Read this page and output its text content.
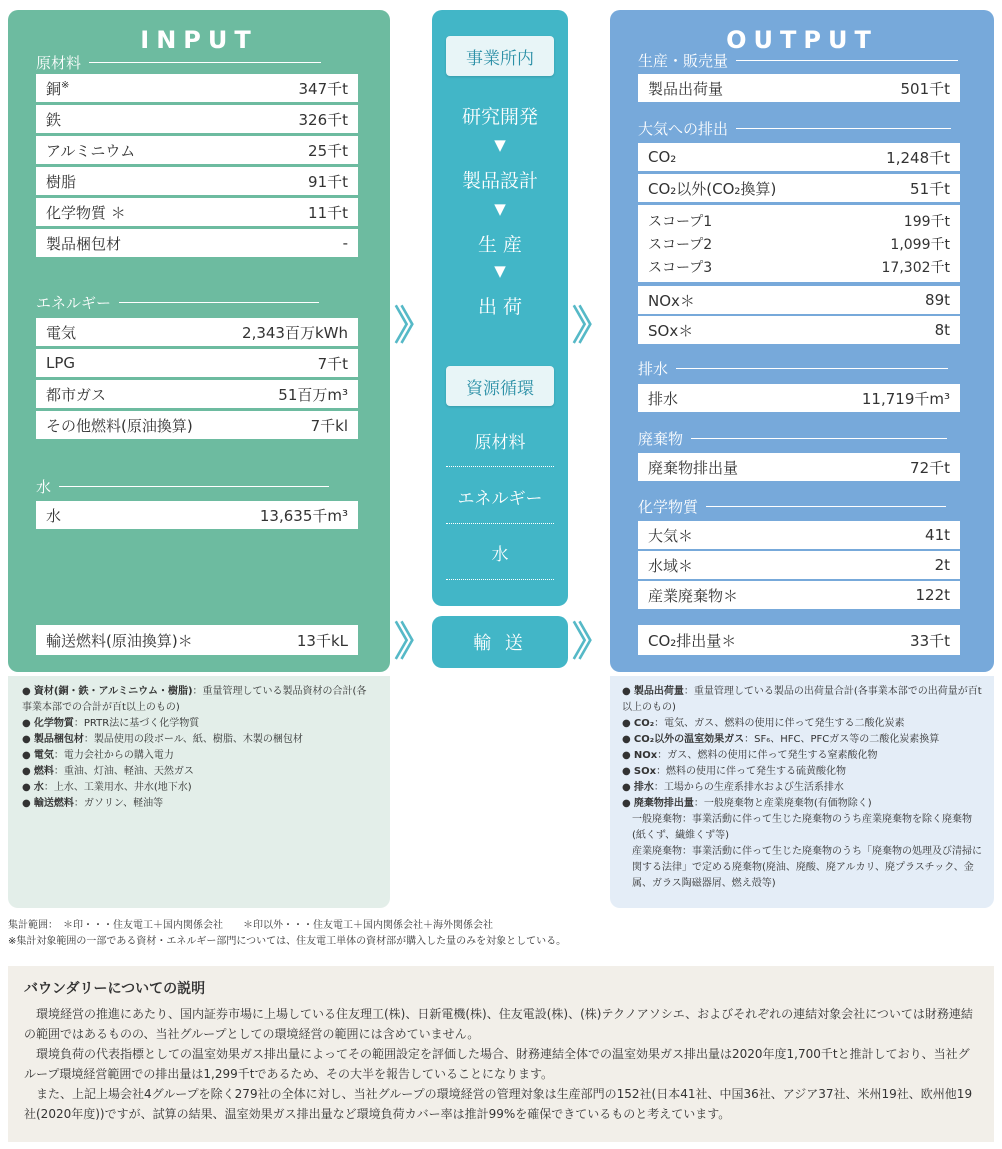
INPUT
原材料
銅※	347千t
鉄	326千t
アルミニウム	25千t
樹脂	91千t
化学物質 ＊	11千t
製品梱包材	-
エネルギー
電気	2,343百万kWh
LPG	7千t
都市ガス	51百万m³
その他燃料(原油換算)	7千kl
水
水	13,635千m³
輸送燃料(原油換算)＊	13千kL
● 資材(銅・鉄・アルミニウム・樹脂)：重量管理している製品資材の合計(各事業本部での合計が百t以上のもの)
● 化学物質：PRTR法に基づく化学物質
● 製品梱包材：製品使用の段ボール、紙、樹脂、木製の梱包材
● 電気：電力会社からの購入電力
● 燃料：重油、灯油、軽油、天然ガス
● 水：上水、工業用水、井水(地下水)
● 輸送燃料：ガソリン、軽油等
》	》
》	》
事業所内
研究開発
▼
製品設計
▼
生 産
▼
出 荷
資源循環
原材料
エネルギー
水
輸 送
OUTPUT
生産・販売量
製品出荷量	501千t
大気への排出
CO₂	1,248千t
CO₂以外(CO₂換算)	51千t
スコープ1	199千t
スコープ2	1,099千t
スコープ3	17,302千t
NOx＊	89t
SOx＊	8t
排水
排水	11,719千m³
廃棄物
廃棄物排出量	72千t
化学物質
大気＊	41t
水域＊	2t
産業廃棄物＊	122t
CO₂排出量＊	33千t
● 製品出荷量：重量管理している製品の出荷量合計(各事業本部での出荷量が百t以上のもの)
● CO₂：電気、ガス、燃料の使用に伴って発生する二酸化炭素
● CO₂以外の温室効果ガス：SF₆、HFC、PFCガス等の二酸化炭素換算
● NOx：ガス、燃料の使用に伴って発生する窒素酸化物
● SOx：燃料の使用に伴って発生する硫黄酸化物
● 排水：工場からの生産系排水および生活系排水
● 廃棄物排出量：一般廃棄物と産業廃棄物(有価物除く)
一般廃棄物：事業活動に伴って生じた廃棄物のうち産業廃棄物を除く廃棄物(紙くず、繊維くず等)
産業廃棄物：事業活動に伴って生じた廃棄物のうち「廃棄物の処理及び清掃に関する法律」で定める廃棄物(廃油、廃酸、廃アルカリ、廃プラスチック、金属、ガラス陶磁器屑、燃え殻等)
集計範囲：　＊印・・・住友電工＋国内関係会社　　＊印以外・・・住友電工＋国内関係会社＋海外関係会社
※集計対象範囲の一部である資材・エネルギー部門については、住友電工単体の資材部が購入した量のみを対象としている。
バウンダリーについての説明

環境経営の推進にあたり、国内証券市場に上場している住友理工(株)、日新電機(株)、住友電設(株)、(株)テクノアソシエ、およびそれぞれの連結対象会社については財務連結の範囲ではあるものの、当社グループとしての環境経営の範囲には含めていません。

環境負荷の代表指標としての温室効果ガス排出量によってその範囲設定を評価した場合、財務連結全体での温室効果ガス排出量は2020年度1,700千tと推計しており、当社グループ環境経営範囲での排出量は1,299千tであるため、その大半を報告していることになります。

また、上記上場会社4グループを除く279社の全体に対し、当社グループの環境経営の管理対象は生産部門の152社(日本41社、中国36社、アジア37社、米州19社、欧州他19社(2020年度))ですが、試算の結果、温室効果ガス排出量など環境負荷カバー率は推計99%を確保できているものと考えています。
